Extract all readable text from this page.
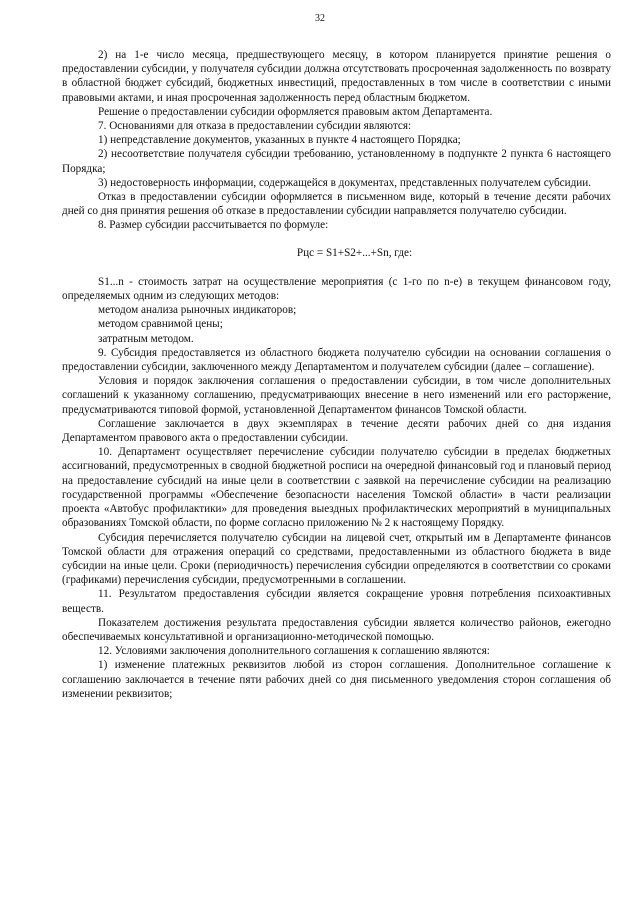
32

2) на 1-е число месяца, предшествующего месяцу, в котором планируется принятие решения о предоставлении субсидии, у получателя субсидии должна отсутствовать просроченная задолженность по возврату в областной бюджет субсидий, бюджетных инвестиций, предоставленных в том числе в соответствии с иными правовыми актами, и иная просроченная задолженность перед областным бюджетом.

Решение о предоставлении субсидии оформляется правовым актом Департамента.

7. Основаниями для отказа в предоставлении субсидии являются:

1) непредставление документов, указанных в пункте 4 настоящего Порядка;

2) несоответствие получателя субсидии требованию, установленному в подпункте 2 пункта 6 настоящего Порядка;

3) недостоверность информации, содержащейся в документах, представленных получателем субсидии.

Отказ в предоставлении субсидии оформляется в письменном виде, который в течение десяти рабочих дней со дня принятия решения об отказе в предоставлении субсидии направляется получателю субсидии.

8. Размер субсидии рассчитывается по формуле:

Рцс = S1+S2+...+Sn, где:

S1...n - стоимость затрат на осуществление мероприятия (с 1-го по n-е) в текущем финансовом году, определяемых одним из следующих методов:

методом анализа рыночных индикаторов;

методом сравнимой цены;

затратным методом.

9. Субсидия предоставляется из областного бюджета получателю субсидии на основании соглашения о предоставлении субсидии, заключенного между Департаментом и получателем субсидии (далее – соглашение).

Условия и порядок заключения соглашения о предоставлении субсидии, в том числе дополнительных соглашений к указанному соглашению, предусматривающих внесение в него изменений или его расторжение, предусматриваются типовой формой, установленной Департаментом финансов Томской области.

Соглашение заключается в двух экземплярах в течение десяти рабочих дней со дня издания Департаментом правового акта о предоставлении субсидии.

10. Департамент осуществляет перечисление субсидии получателю субсидии в пределах бюджетных ассигнований, предусмотренных в сводной бюджетной росписи на очередной финансовый год и плановый период на предоставление субсидий на иные цели в соответствии с заявкой на перечисление субсидии на реализацию государственной программы «Обеспечение безопасности населения Томской области» в части реализации проекта «Автобус профилактики» для проведения выездных профилактических мероприятий в муниципальных образованиях Томской области, по форме согласно приложению № 2 к настоящему Порядку.

Субсидия перечисляется получателю субсидии на лицевой счет, открытый им в Департаменте финансов Томской области для отражения операций со средствами, предоставленными из областного бюджета в виде субсидии на иные цели. Сроки (периодичность) перечисления субсидии определяются в соответствии со сроками (графиками) перечисления субсидии, предусмотренными в соглашении.

11. Результатом предоставления субсидии является сокращение уровня потребления психоактивных веществ.

Показателем достижения результата предоставления субсидии является количество районов, ежегодно обеспечиваемых консультативной и организационно-методической помощью.

12. Условиями заключения дополнительного соглашения к соглашению являются:

1) изменение платежных реквизитов любой из сторон соглашения. Дополнительное соглашение к соглашению заключается в течение пяти рабочих дней со дня письменного уведомления сторон соглашения об изменении реквизитов;
